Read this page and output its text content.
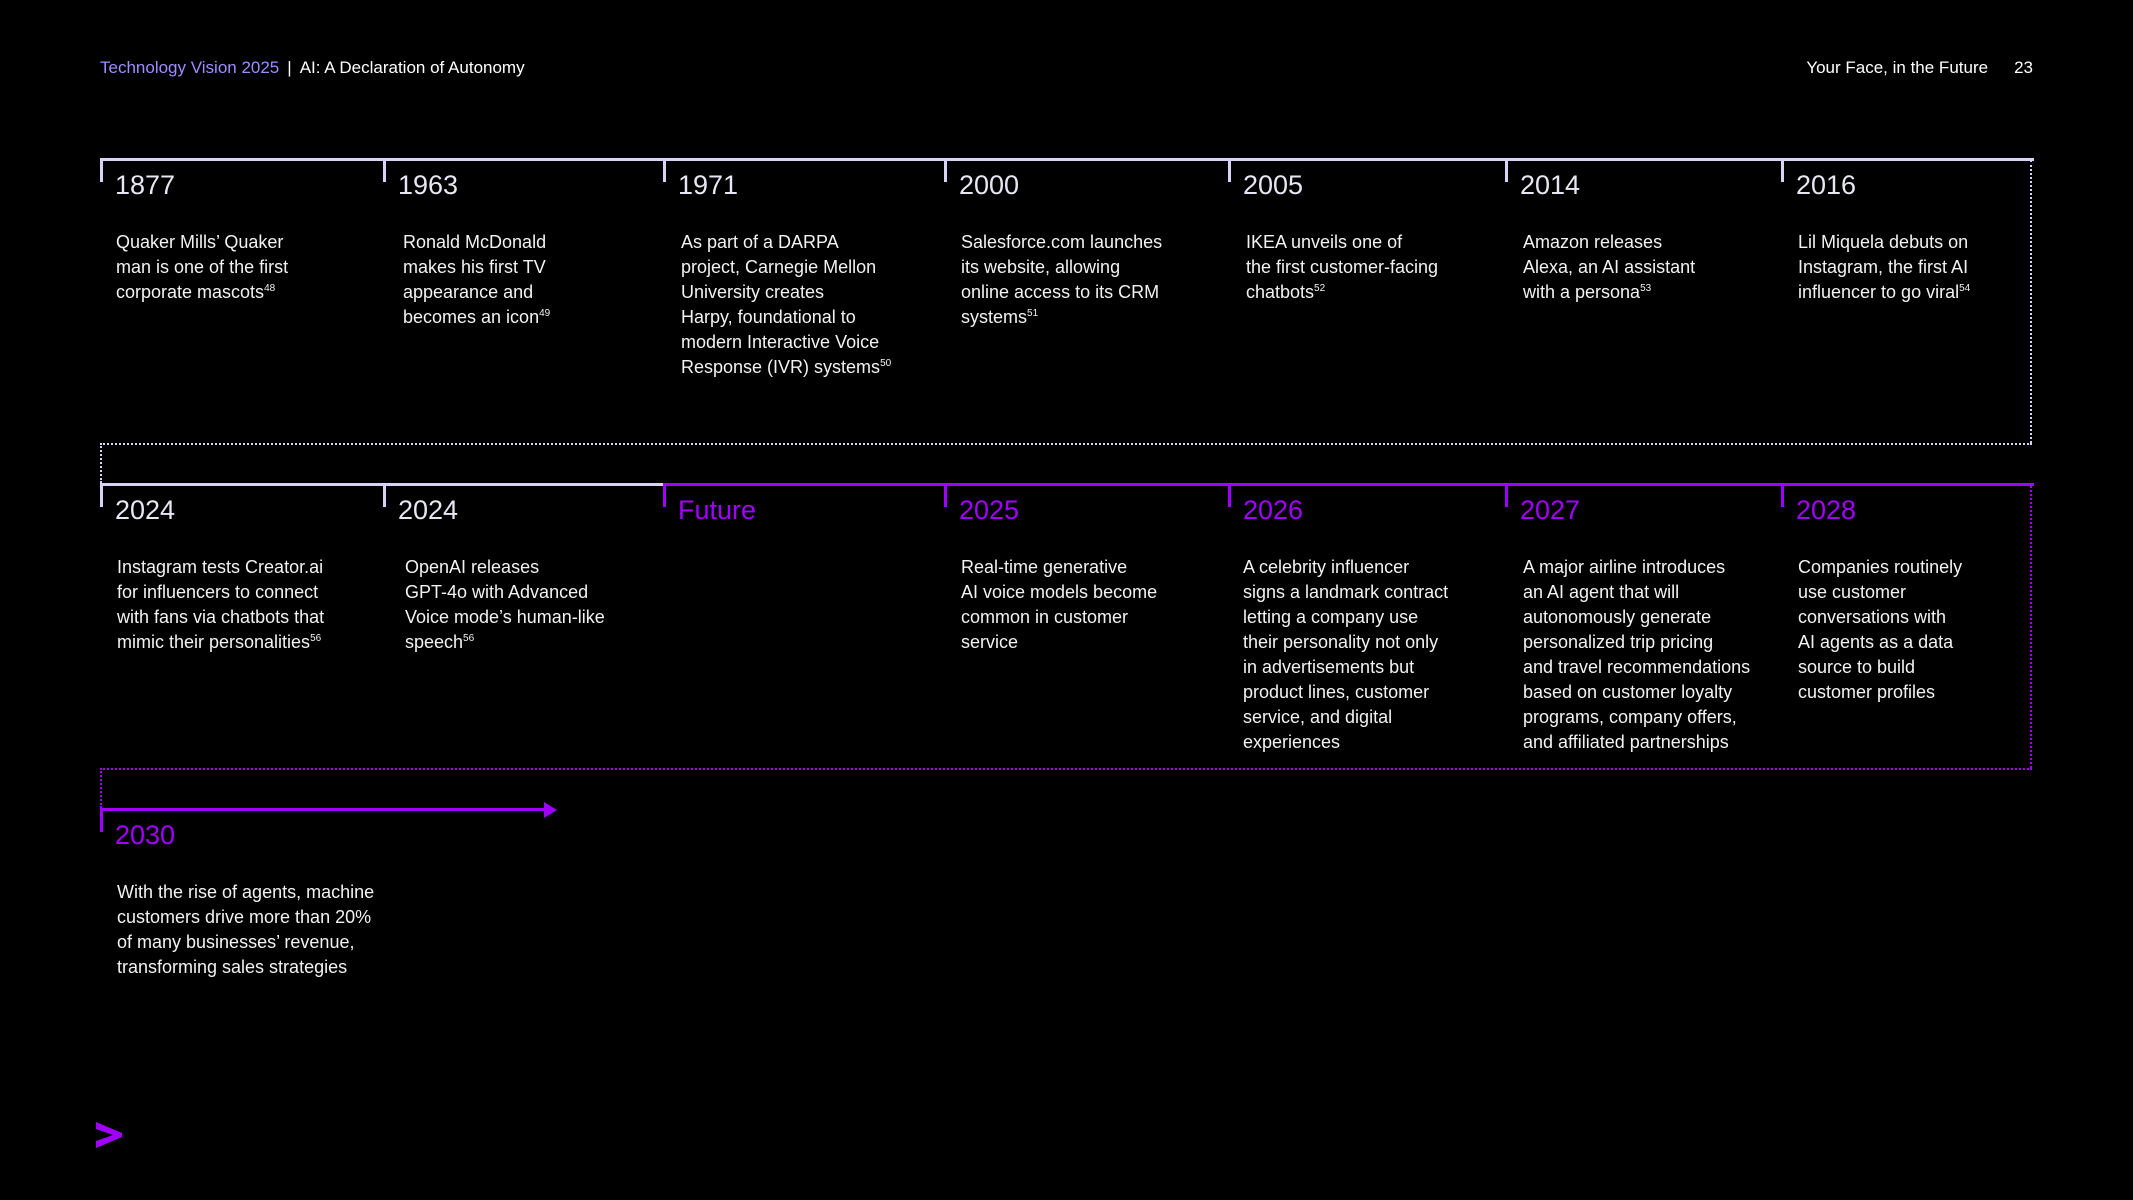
Technology Vision 2025 | AI: A Declaration of Autonomy	Your Face, in the Future 23
1877
Quaker Mills’ Quaker
man is one of the first
corporate mascots$^{48}$
1963
Ronald McDonald
makes his first TV
appearance and
becomes an icon$^{49}$
1971
As part of a DARPA
project, Carnegie Mellon
University creates
Harpy, foundational to
modern Interactive Voice
Response (IVR) systems$^{50}$
2000
Salesforce.com launches
its website, allowing
online access to its CRM
systems$^{51}$
2005
IKEA unveils one of
the first customer-facing
chatbots$^{52}$
2014
Amazon releases
Alexa, an AI assistant
with a persona$^{53}$
2016
Lil Miquela debuts on
Instagram, the first AI
influencer to go viral$^{54}$
2024
Instagram tests Creator.ai
for influencers to connect
with fans via chatbots that
mimic their personalities$^{56}$
2024
OpenAI releases
GPT-4o with Advanced
Voice mode’s human-like
speech$^{56}$
Future	2025
Real-time generative
AI voice models become
common in customer
service
2026
A celebrity influencer
signs a landmark contract
letting a company use
their personality not only
in advertisements but
product lines, customer
service, and digital
experiences
2027
A major airline introduces
an AI agent that will
autonomously generate
personalized trip pricing
and travel recommendations
based on customer loyalty
programs, company offers,
and affiliated partnerships
2028
Companies routinely
use customer
conversations with
AI agents as a data
source to build
customer profiles
2030
With the rise of agents, machine
customers drive more than 20%
of many businesses’ revenue,
transforming sales strategies
